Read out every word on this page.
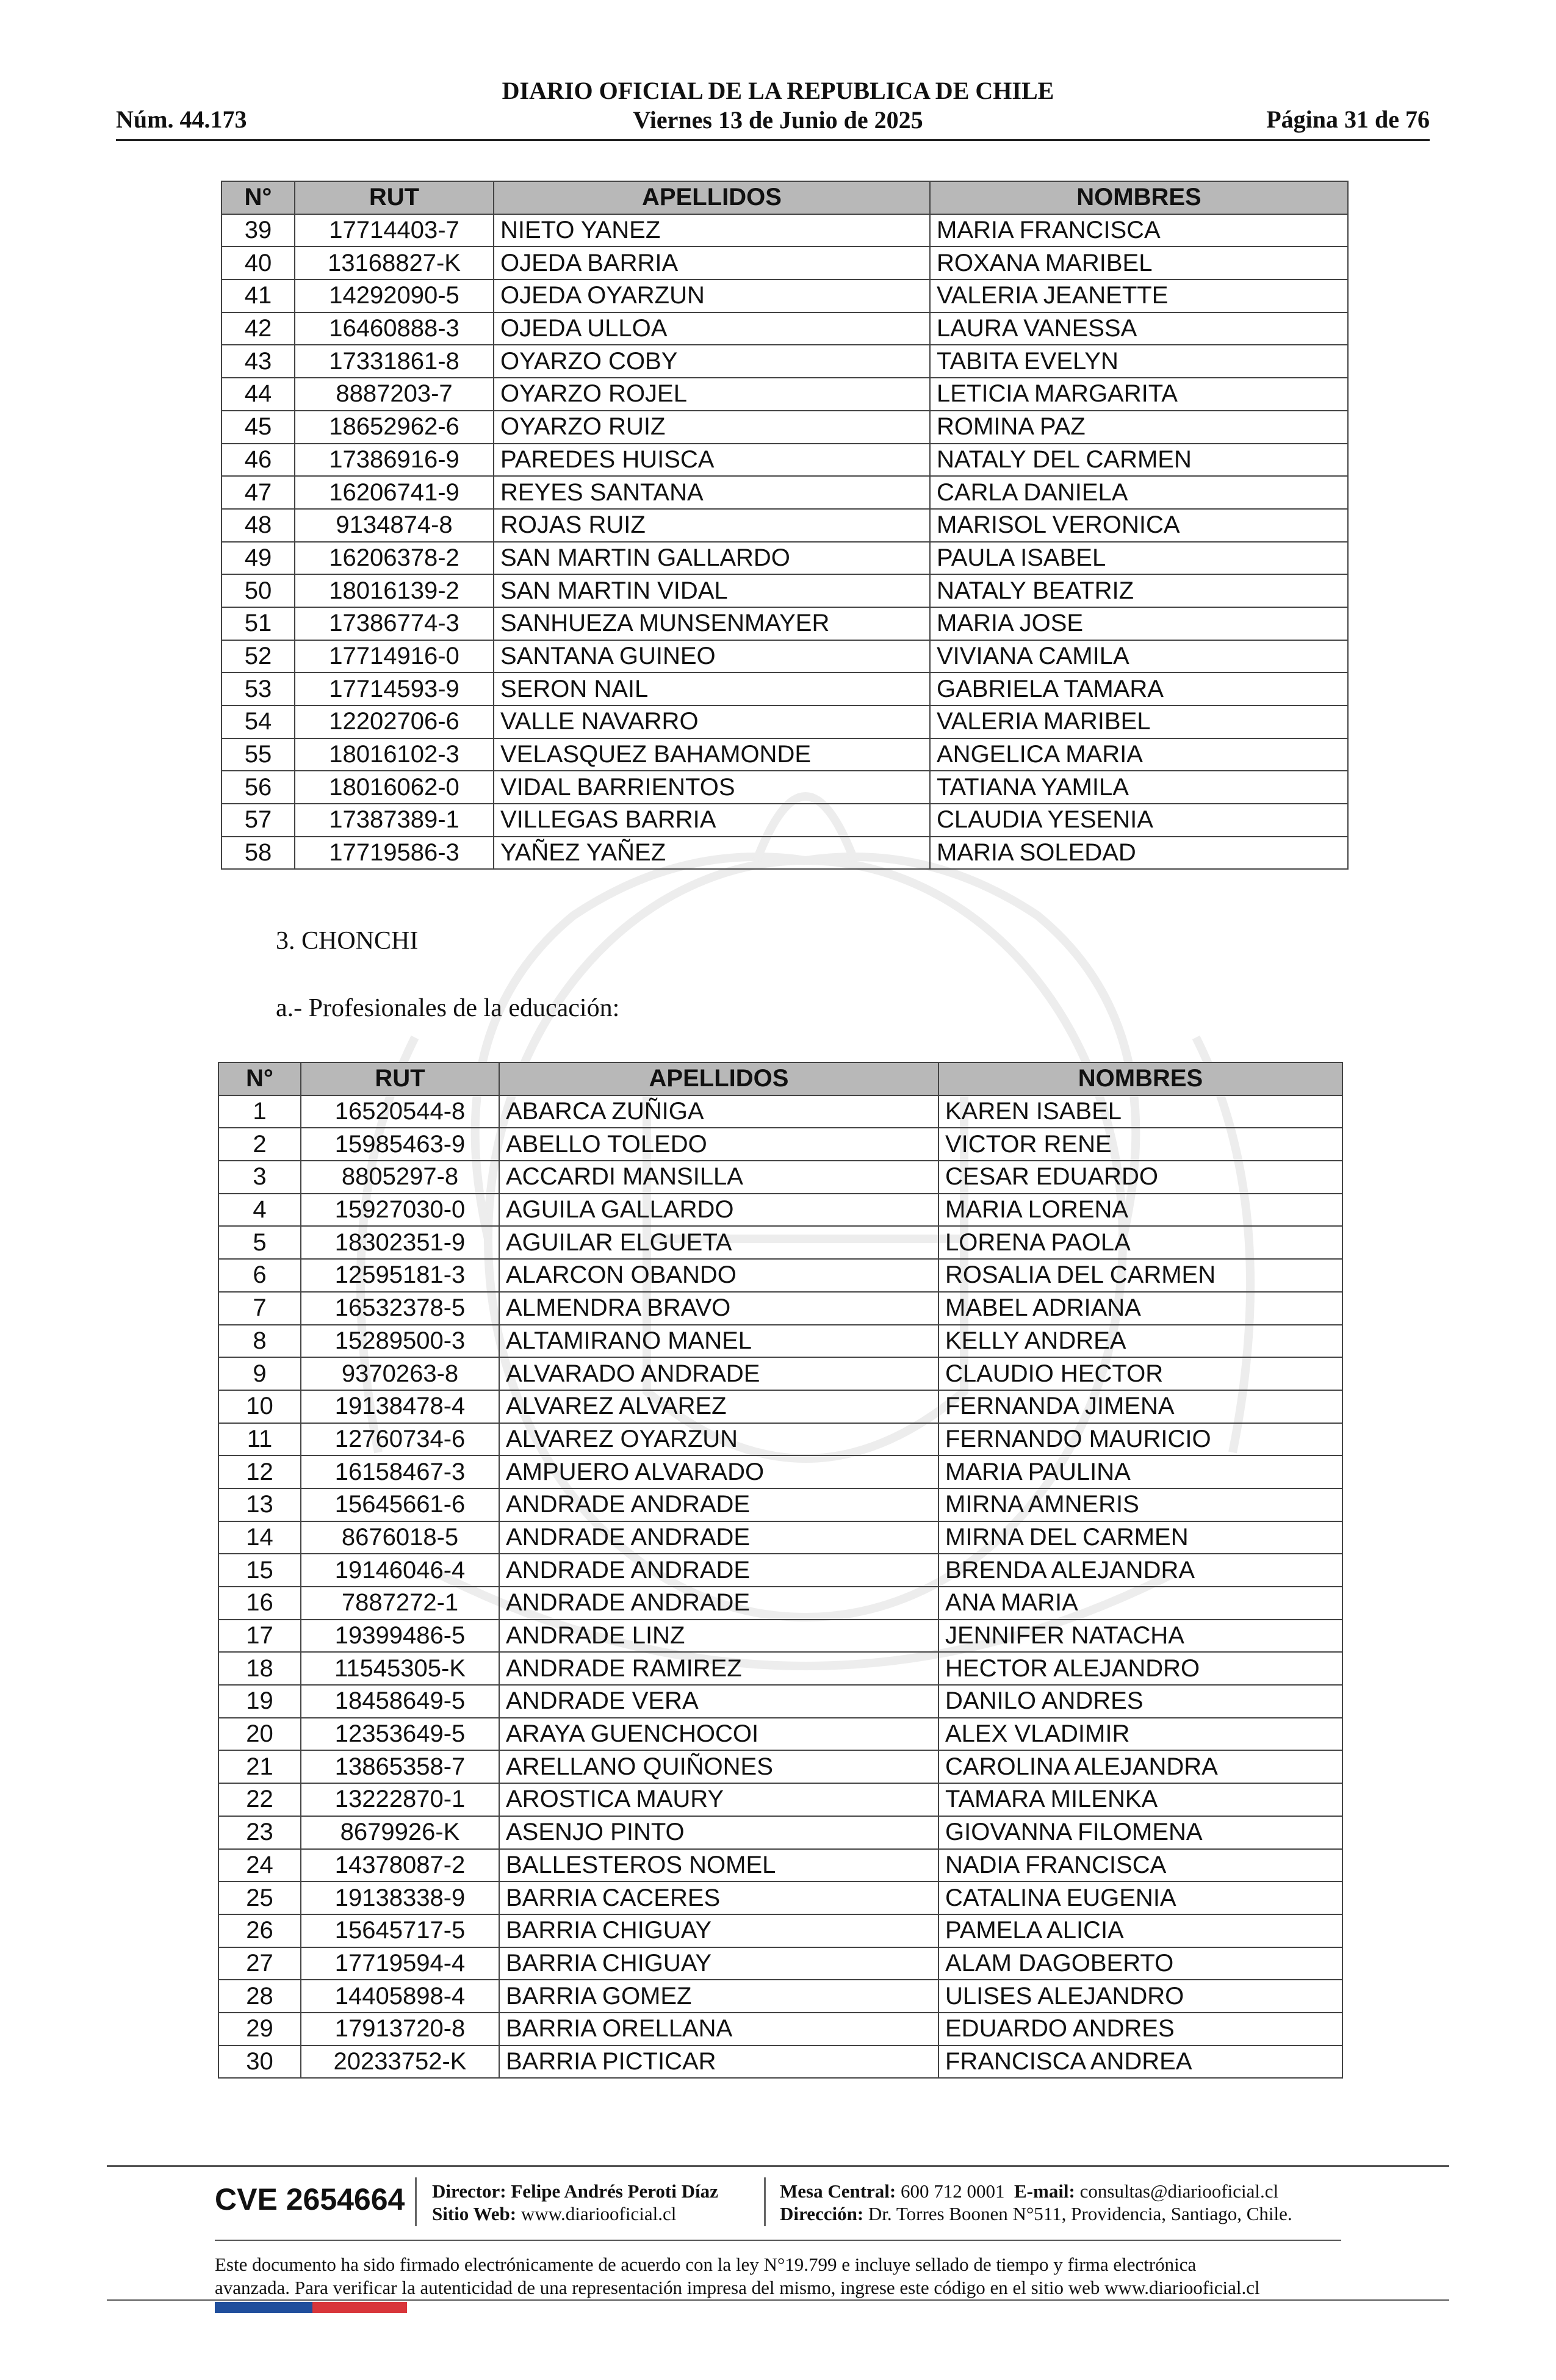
Núm. 44.173
DIARIO OFICIAL DE LA REPUBLICA DE CHILE
Viernes 13 de Junio de 2025	Página 31 de 76
N°	RUT	APELLIDOS	NOMBRES
39	17714403-7	NIETO YANEZ	MARIA FRANCISCA
40	13168827-K	OJEDA BARRIA	ROXANA MARIBEL
41	14292090-5	OJEDA OYARZUN	VALERIA JEANETTE
42	16460888-3	OJEDA ULLOA	LAURA VANESSA
43	17331861-8	OYARZO COBY	TABITA EVELYN
44	8887203-7	OYARZO ROJEL	LETICIA MARGARITA
45	18652962-6	OYARZO RUIZ	ROMINA PAZ
46	17386916-9	PAREDES HUISCA	NATALY DEL CARMEN
47	16206741-9	REYES SANTANA	CARLA DANIELA
48	9134874-8	ROJAS RUIZ	MARISOL VERONICA
49	16206378-2	SAN MARTIN GALLARDO	PAULA ISABEL
50	18016139-2	SAN MARTIN VIDAL	NATALY BEATRIZ
51	17386774-3	SANHUEZA MUNSENMAYER	MARIA JOSE
52	17714916-0	SANTANA GUINEO	VIVIANA CAMILA
53	17714593-9	SERON NAIL	GABRIELA TAMARA
54	12202706-6	VALLE NAVARRO	VALERIA MARIBEL
55	18016102-3	VELASQUEZ BAHAMONDE	ANGELICA MARIA
56	18016062-0	VIDAL BARRIENTOS	TATIANA YAMILA
57	17387389-1	VILLEGAS BARRIA	CLAUDIA YESENIA
58	17719586-3	YAÑEZ YAÑEZ	MARIA SOLEDAD
3. CHONCHI
a.- Profesionales de la educación:
N°	RUT	APELLIDOS	NOMBRES
1	16520544-8	ABARCA ZUÑIGA	KAREN ISABEL
2	15985463-9	ABELLO TOLEDO	VICTOR RENE
3	8805297-8	ACCARDI MANSILLA	CESAR EDUARDO
4	15927030-0	AGUILA GALLARDO	MARIA LORENA
5	18302351-9	AGUILAR ELGUETA	LORENA PAOLA
6	12595181-3	ALARCON OBANDO	ROSALIA DEL CARMEN
7	16532378-5	ALMENDRA BRAVO	MABEL ADRIANA
8	15289500-3	ALTAMIRANO MANEL	KELLY ANDREA
9	9370263-8	ALVARADO ANDRADE	CLAUDIO HECTOR
10	19138478-4	ALVAREZ ALVAREZ	FERNANDA JIMENA
11	12760734-6	ALVAREZ OYARZUN	FERNANDO MAURICIO
12	16158467-3	AMPUERO ALVARADO	MARIA PAULINA
13	15645661-6	ANDRADE ANDRADE	MIRNA AMNERIS
14	8676018-5	ANDRADE ANDRADE	MIRNA DEL CARMEN
15	19146046-4	ANDRADE ANDRADE	BRENDA ALEJANDRA
16	7887272-1	ANDRADE ANDRADE	ANA MARIA
17	19399486-5	ANDRADE LINZ	JENNIFER NATACHA
18	11545305-K	ANDRADE RAMIREZ	HECTOR ALEJANDRO
19	18458649-5	ANDRADE VERA	DANILO ANDRES
20	12353649-5	ARAYA GUENCHOCOI	ALEX VLADIMIR
21	13865358-7	ARELLANO QUIÑONES	CAROLINA ALEJANDRA
22	13222870-1	AROSTICA MAURY	TAMARA MILENKA
23	8679926-K	ASENJO PINTO	GIOVANNA FILOMENA
24	14378087-2	BALLESTEROS NOMEL	NADIA FRANCISCA
25	19138338-9	BARRIA CACERES	CATALINA EUGENIA
26	15645717-5	BARRIA CHIGUAY	PAMELA ALICIA
27	17719594-4	BARRIA CHIGUAY	ALAM DAGOBERTO
28	14405898-4	BARRIA GOMEZ	ULISES ALEJANDRO
29	17913720-8	BARRIA ORELLANA	EDUARDO ANDRES
30	20233752-K	BARRIA PICTICAR	FRANCISCA ANDREA
CVE 2654664 Director: Felipe Andrés Peroti Díaz
Sitio Web: www.diariooficial.cl
Mesa Central: 600 712 0001 E-mail: consultas@diariooficial.cl
Dirección: Dr. Torres Boonen N°511, Providencia, Santiago, Chile.
Este documento ha sido firmado electrónicamente de acuerdo con la ley N°19.799 e incluye sellado de tiempo y firma electrónica
avanzada. Para verificar la autenticidad de una representación impresa del mismo, ingrese este código en el sitio web www.diariooficial.cl
